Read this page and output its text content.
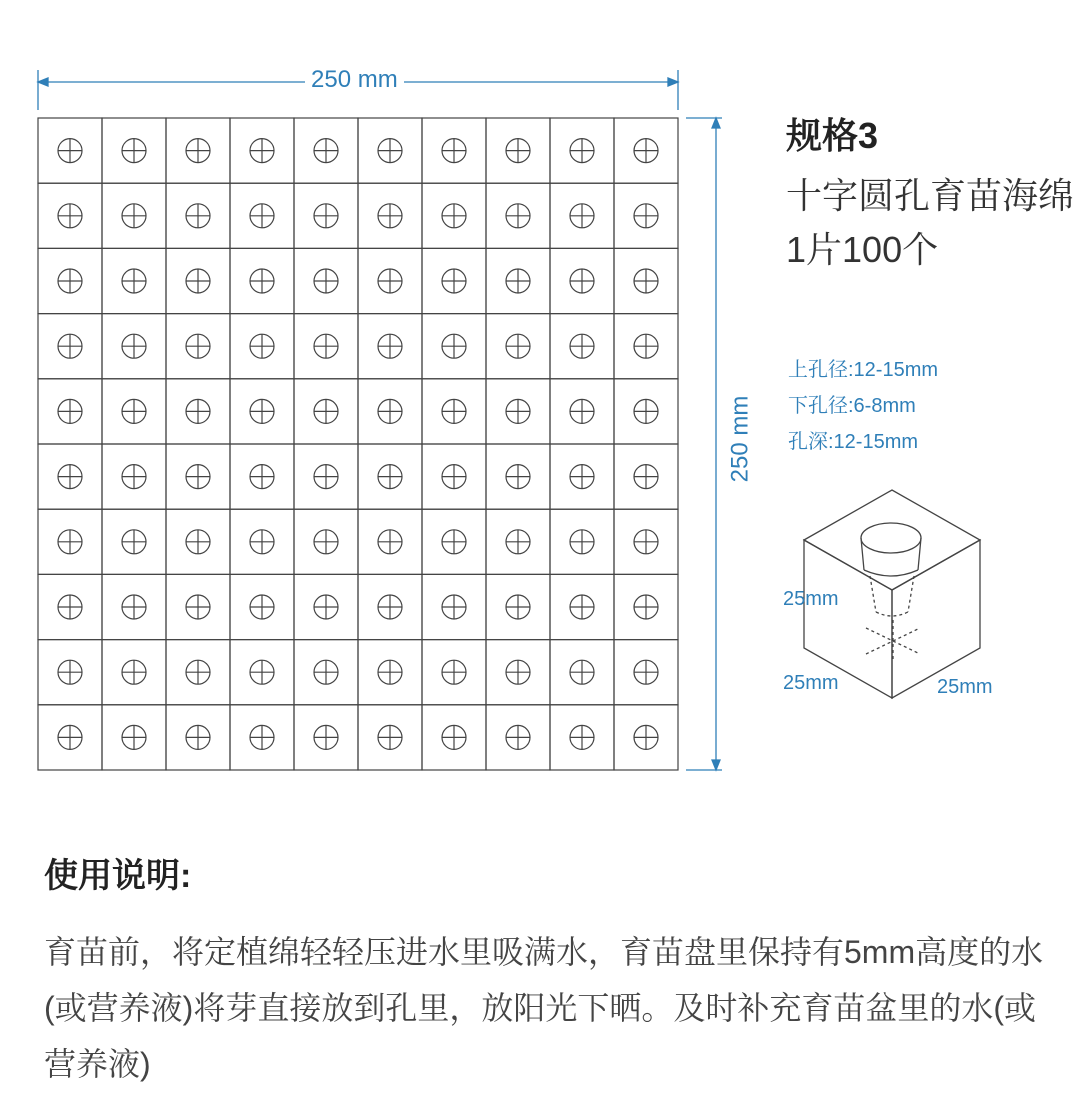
250 mm
250 mm
规格3
十字圆孔育苗海绵
1片100个
上孔径:12-15mm
下孔径:6-8mm
孔深:12-15mm
25mm
25mm	25mm
使用说明:
育苗前，将定植绵轻轻压进水里吸满水，育苗盘里保持有5mm高度的水(或营养液)将芽直接放到孔里，放阳光下晒。及时补充育苗盆里的水(或营养液)
